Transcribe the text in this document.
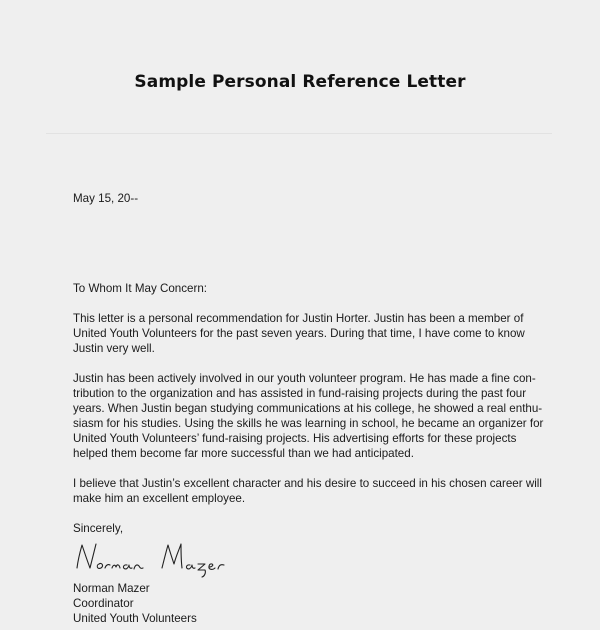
Sample Personal Reference Letter
May 15, 20--
To Whom It May Concern:
This letter is a personal recommendation for Justin Horter. Justin has been a member of
United Youth Volunteers for the past seven years. During that time, I have come to know
Justin very well.
Justin has been actively involved in our youth volunteer program. He has made a fine con-
tribution to the organization and has assisted in fund-raising projects during the past four
years. When Justin began studying communications at his college, he showed a real enthu-
siasm for his studies. Using the skills he was learning in school, he became an organizer for
United Youth Volunteers’ fund-raising projects. His advertising efforts for these projects
helped them become far more successful than we had anticipated.
I believe that Justin’s excellent character and his desire to succeed in his chosen career will
make him an excellent employee.
Sincerely,
Norman Mazer
Coordinator
United Youth Volunteers
